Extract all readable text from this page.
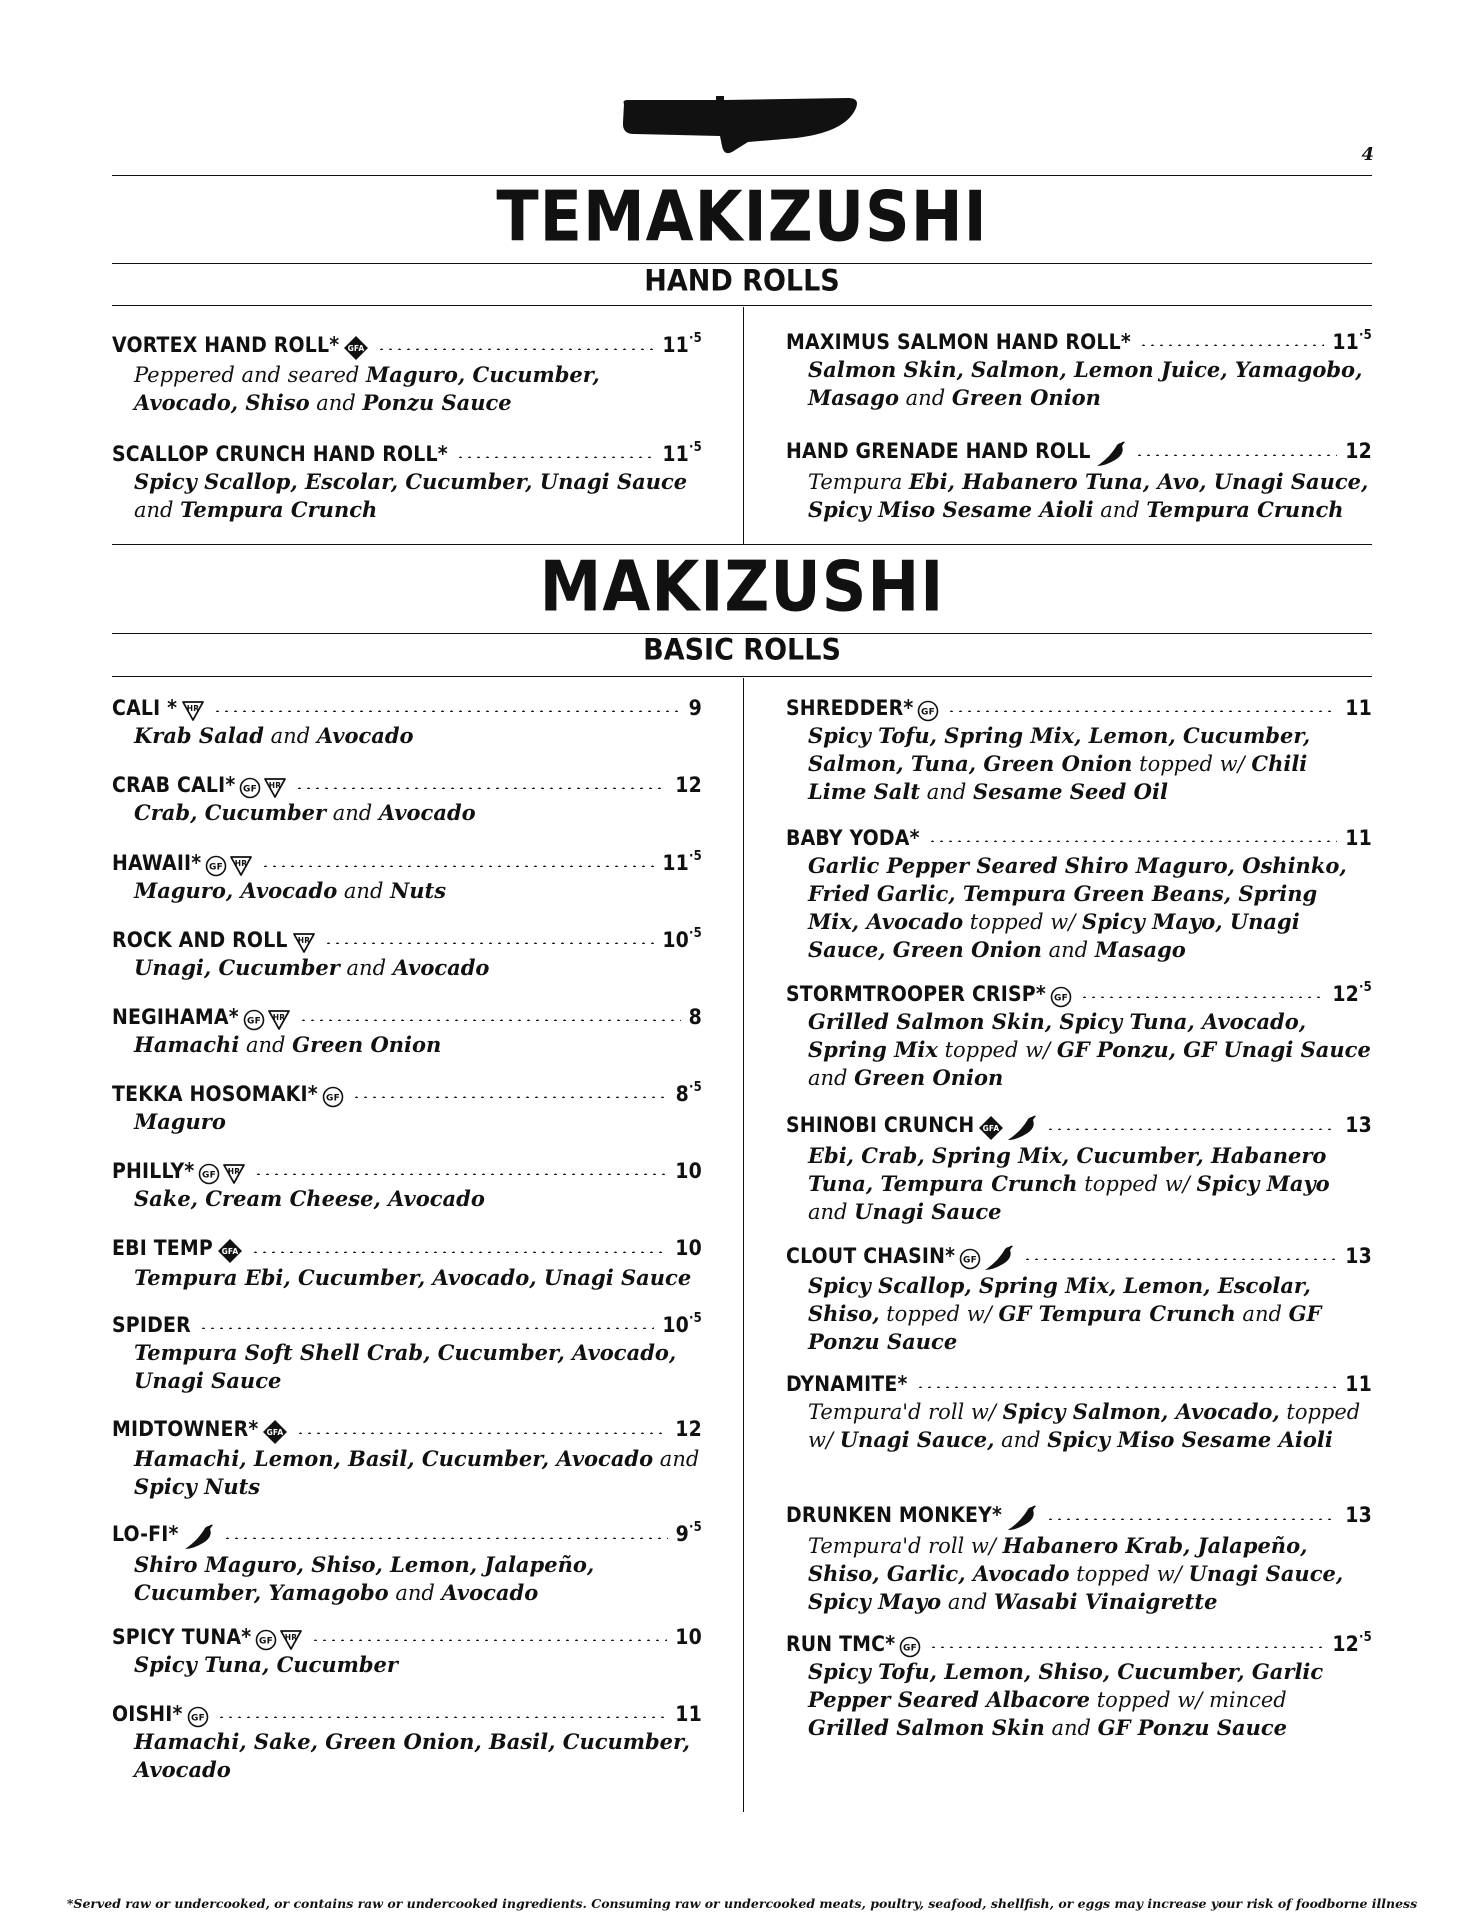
4
TEMAKIZUSHI
HAND ROLLS
MAKIZUSHI
BASIC ROLLS
VORTEX HAND ROLL* GFA	$11^{\cdot 5}$
Peppered and seared Maguro, Cucumber, Avocado, Shiso and Ponzu Sauce
SCALLOP CRUNCH HAND ROLL*	$11^{\cdot 5}$
Spicy Scallop, Escolar, Cucumber, Unagi Sauce and Tempura Crunch
MAXIMUS SALMON HAND ROLL*	$11^{\cdot 5}$
Salmon Skin, Salmon, Lemon Juice, Yamagobo, Masago and Green Onion
HAND GRENADE HAND ROLL	12
Tempura Ebi, Habanero Tuna, Avo, Unagi Sauce, Spicy Miso Sesame Aioli and Tempura Crunch
CALI * HR	9
Krab Salad and Avocado
CRAB CALI* GF HR	12
Crab, Cucumber and Avocado
HAWAII* GF HR	$11^{\cdot 5}$
Maguro, Avocado and Nuts
ROCK AND ROLL HR	$10^{\cdot 5}$
Unagi, Cucumber and Avocado
NEGIHAMA* GF HR	8
Hamachi and Green Onion
TEKKA HOSOMAKI* GF	$8^{\cdot 5}$
Maguro
PHILLY* GF HR	10
Sake, Cream Cheese, Avocado
EBI TEMP GFA	10
Tempura Ebi, Cucumber, Avocado, Unagi Sauce
SPIDER	$10^{\cdot 5}$
Tempura Soft Shell Crab, Cucumber, Avocado, Unagi Sauce
MIDTOWNER* GFA	12
Hamachi, Lemon, Basil, Cucumber, Avocado and Spicy Nuts
LO-FI*	$9^{\cdot 5}$
Shiro Maguro, Shiso, Lemon, Jalapeño, Cucumber, Yamagobo and Avocado
SPICY TUNA* GF HR	10
Spicy Tuna, Cucumber
OISHI* GF	11
Hamachi, Sake, Green Onion, Basil, Cucumber, Avocado
SHREDDER* GF	11
Spicy Tofu, Spring Mix, Lemon, Cucumber, Salmon, Tuna, Green Onion topped w/ Chili Lime Salt and Sesame Seed Oil
BABY YODA*	11
Garlic Pepper Seared Shiro Maguro, Oshinko, Fried Garlic, Tempura Green Beans, Spring Mix, Avocado topped w/ Spicy Mayo, Unagi Sauce, Green Onion and Masago
STORMTROOPER CRISP* GF	$12^{\cdot 5}$
Grilled Salmon Skin, Spicy Tuna, Avocado, Spring Mix topped w/ GF Ponzu, GF Unagi Sauce and Green Onion
SHINOBI CRUNCH GFA	13
Ebi, Crab, Spring Mix, Cucumber, Habanero Tuna, Tempura Crunch topped w/ Spicy Mayo and Unagi Sauce
CLOUT CHASIN* GF	13
Spicy Scallop, Spring Mix, Lemon, Escolar, Shiso, topped w/ GF Tempura Crunch and GF Ponzu Sauce
DYNAMITE*	11
Tempura'd roll w/ Spicy Salmon, Avocado, topped w/ Unagi Sauce, and Spicy Miso Sesame Aioli
DRUNKEN MONKEY*	13
Tempura'd roll w/ Habanero Krab, Jalapeño, Shiso, Garlic, Avocado topped w/ Unagi Sauce, Spicy Mayo and Wasabi Vinaigrette
RUN TMC* GF	$12^{\cdot 5}$
Spicy Tofu, Lemon, Shiso, Cucumber, Garlic Pepper Seared Albacore topped w/ minced Grilled Salmon Skin and GF Ponzu Sauce
*Served raw or undercooked, or contains raw or undercooked ingredients. Consuming raw or undercooked meats, poultry, seafood, shellfish, or eggs may increase your risk of foodborne illness
